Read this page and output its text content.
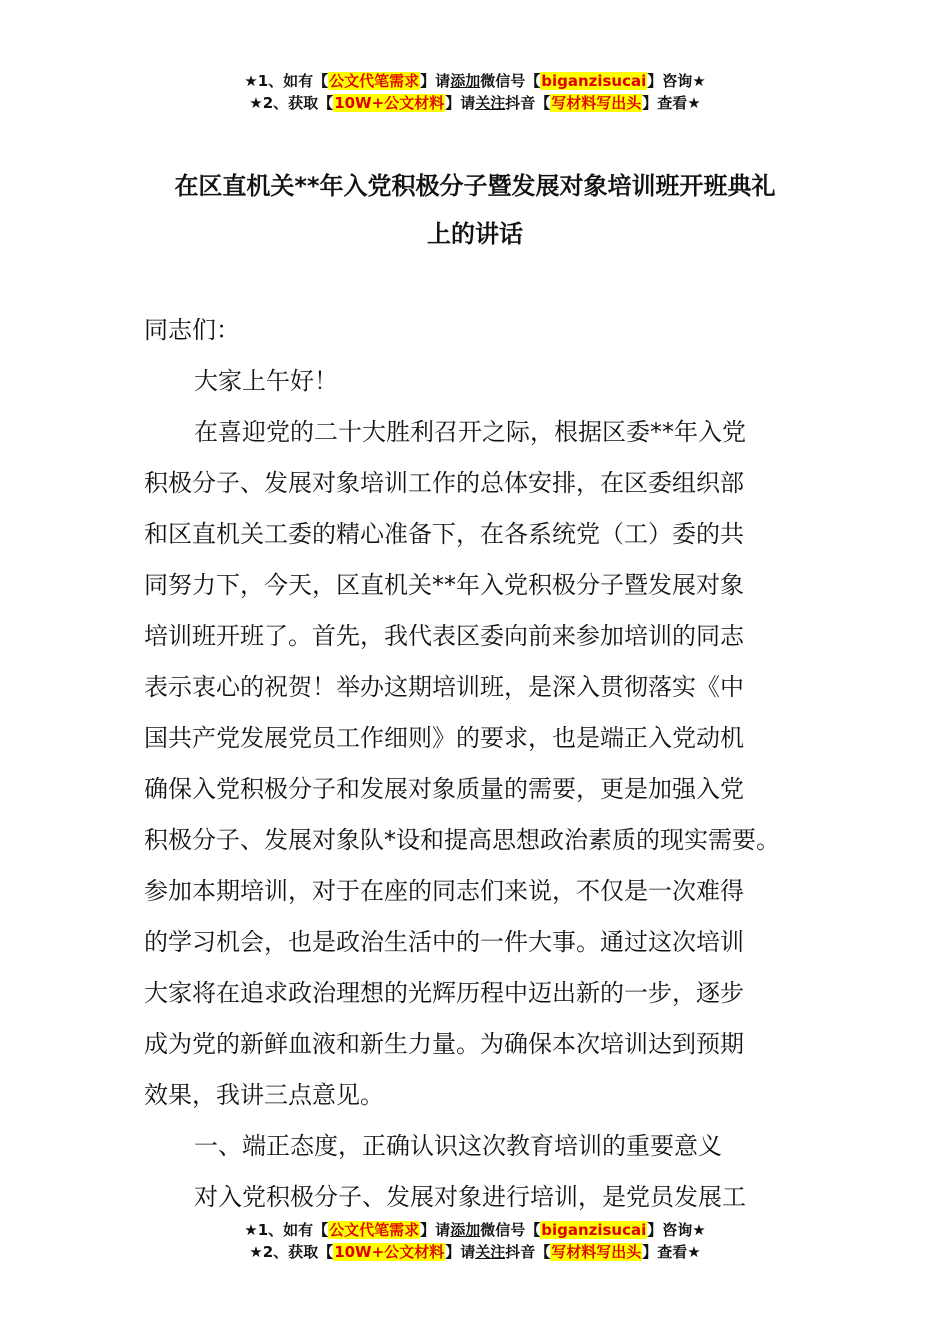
★1、如有【公文代笔需求】请添加微信号【biganzisucai】咨询★
★2、获取【10W+公文材料】请关注抖音【写材料写出头】查看★
在区直机关**年入党积极分子暨发展对象培训班开班典礼
上的讲话
同志们：
大家上午好！
在喜迎党的二十大胜利召开之际，根据区委**年入党
积极分子、发展对象培训工作的总体安排，在区委组织部
和区直机关工委的精心准备下，在各系统党（工）委的共
同努力下，今天，区直机关**年入党积极分子暨发展对象
培训班开班了。首先，我代表区委向前来参加培训的同志
表示衷心的祝贺！举办这期培训班，是深入贯彻落实《中
国共产党发展党员工作细则》的要求，也是端正入党动机
确保入党积极分子和发展对象质量的需要，更是加强入党
积极分子、发展对象队*设和提高思想政治素质的现实需要。
参加本期培训，对于在座的同志们来说，不仅是一次难得
的学习机会，也是政治生活中的一件大事。通过这次培训
大家将在追求政治理想的光辉历程中迈出新的一步，逐步
成为党的新鲜血液和新生力量。为确保本次培训达到预期
效果，我讲三点意见。
一、端正态度，正确认识这次教育培训的重要意义
对入党积极分子、发展对象进行培训，是党员发展工
★1、如有【公文代笔需求】请添加微信号【biganzisucai】咨询★
★2、获取【10W+公文材料】请关注抖音【写材料写出头】查看★
